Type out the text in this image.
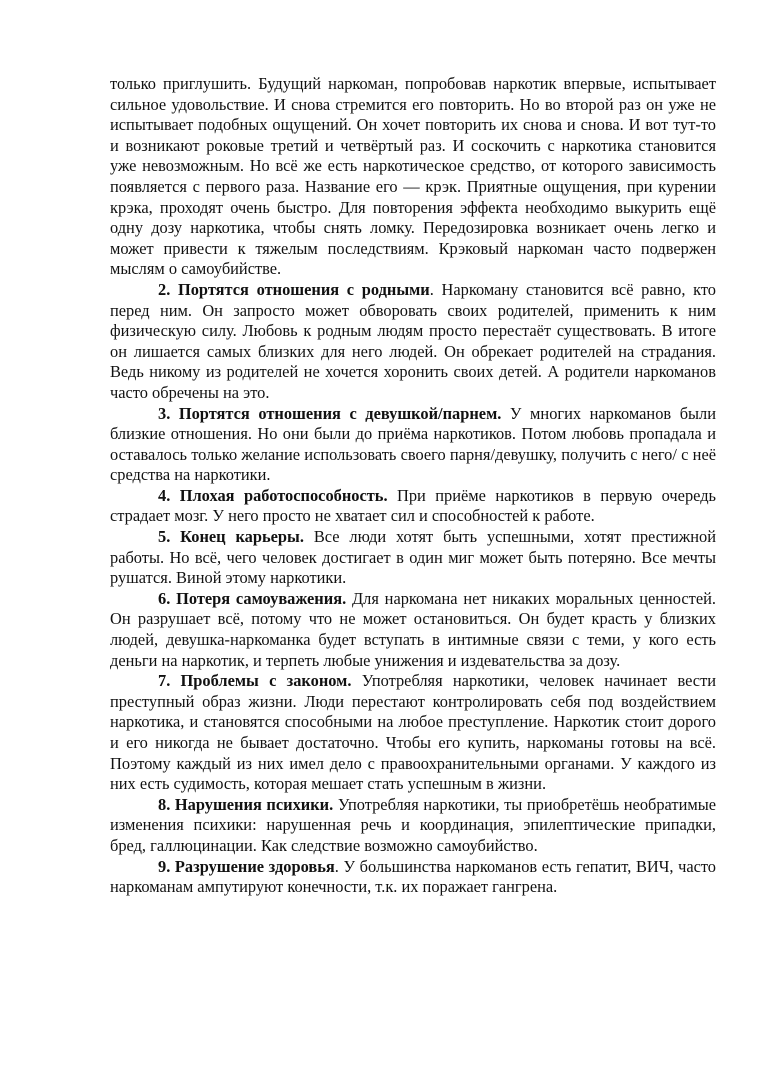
только приглушить. Будущий наркоман, попробовав наркотик впервые, испытывает сильное удовольствие. И снова стремится его повторить. Но во второй раз он уже не испытывает подобных ощущений. Он хочет повторить их снова и снова. И вот тут-то и возникают роковые третий и четвёртый раз. И соскочить с наркотика становится уже невозможным. Но всё же есть наркотическое средство, от которого зависимость появляется с первого раза. Название его — крэк. Приятные ощущения, при курении крэка, проходят очень быстро. Для повторения эффекта необходимо выкурить ещё одну дозу наркотика, чтобы снять ломку. Передозировка возникает очень легко и может привести к тяжелым последствиям. Крэковый наркоман часто подвержен мыслям о самоубийстве.

2. Портятся отношения с родными. Наркоману становится всё равно, кто перед ним. Он запросто может обворовать своих родителей, применить к ним физическую силу. Любовь к родным людям просто перестаёт существовать. В итоге он лишается самых близких для него людей. Он обрекает родителей на страдания. Ведь никому из родителей не хочется хоронить своих детей. А родители наркоманов часто обречены на это.

3. Портятся отношения с девушкой/парнем. У многих наркоманов были близкие отношения. Но они были до приёма наркотиков. Потом любовь пропадала и оставалось только желание использовать своего парня/девушку, получить с него/ с неё средства на наркотики.

4. Плохая работоспособность. При приёме наркотиков в первую очередь страдает мозг. У него просто не хватает сил и способностей к работе.

5. Конец карьеры. Все люди хотят быть успешными, хотят престижной работы. Но всё, чего человек достигает в один миг может быть потеряно. Все мечты рушатся. Виной этому наркотики.

6. Потеря самоуважения. Для наркомана нет никаких моральных ценностей. Он разрушает всё, потому что не может остановиться. Он будет красть у близких людей, девушка-наркоманка будет вступать в интимные связи с теми, у кого есть деньги на наркотик, и терпеть любые унижения и издевательства за дозу.

7. Проблемы с законом. Употребляя наркотики, человек начинает вести преступный образ жизни. Люди перестают контролировать себя под воздействием наркотика, и становятся способными на любое преступление. Наркотик стоит дорого и его никогда не бывает достаточно. Чтобы его купить, наркоманы готовы на всё. Поэтому каждый из них имел дело с правоохранительными органами. У каждого из них есть судимость, которая мешает стать успешным в жизни.

8. Нарушения психики. Употребляя наркотики, ты приобретёшь необратимые изменения психики: нарушенная речь и координация, эпилептические припадки, бред, галлюцинации. Как следствие возможно самоубийство.

9. Разрушение здоровья. У большинства наркоманов есть гепатит, ВИЧ, часто наркоманам ампутируют конечности, т.к. их поражает гангрена.
